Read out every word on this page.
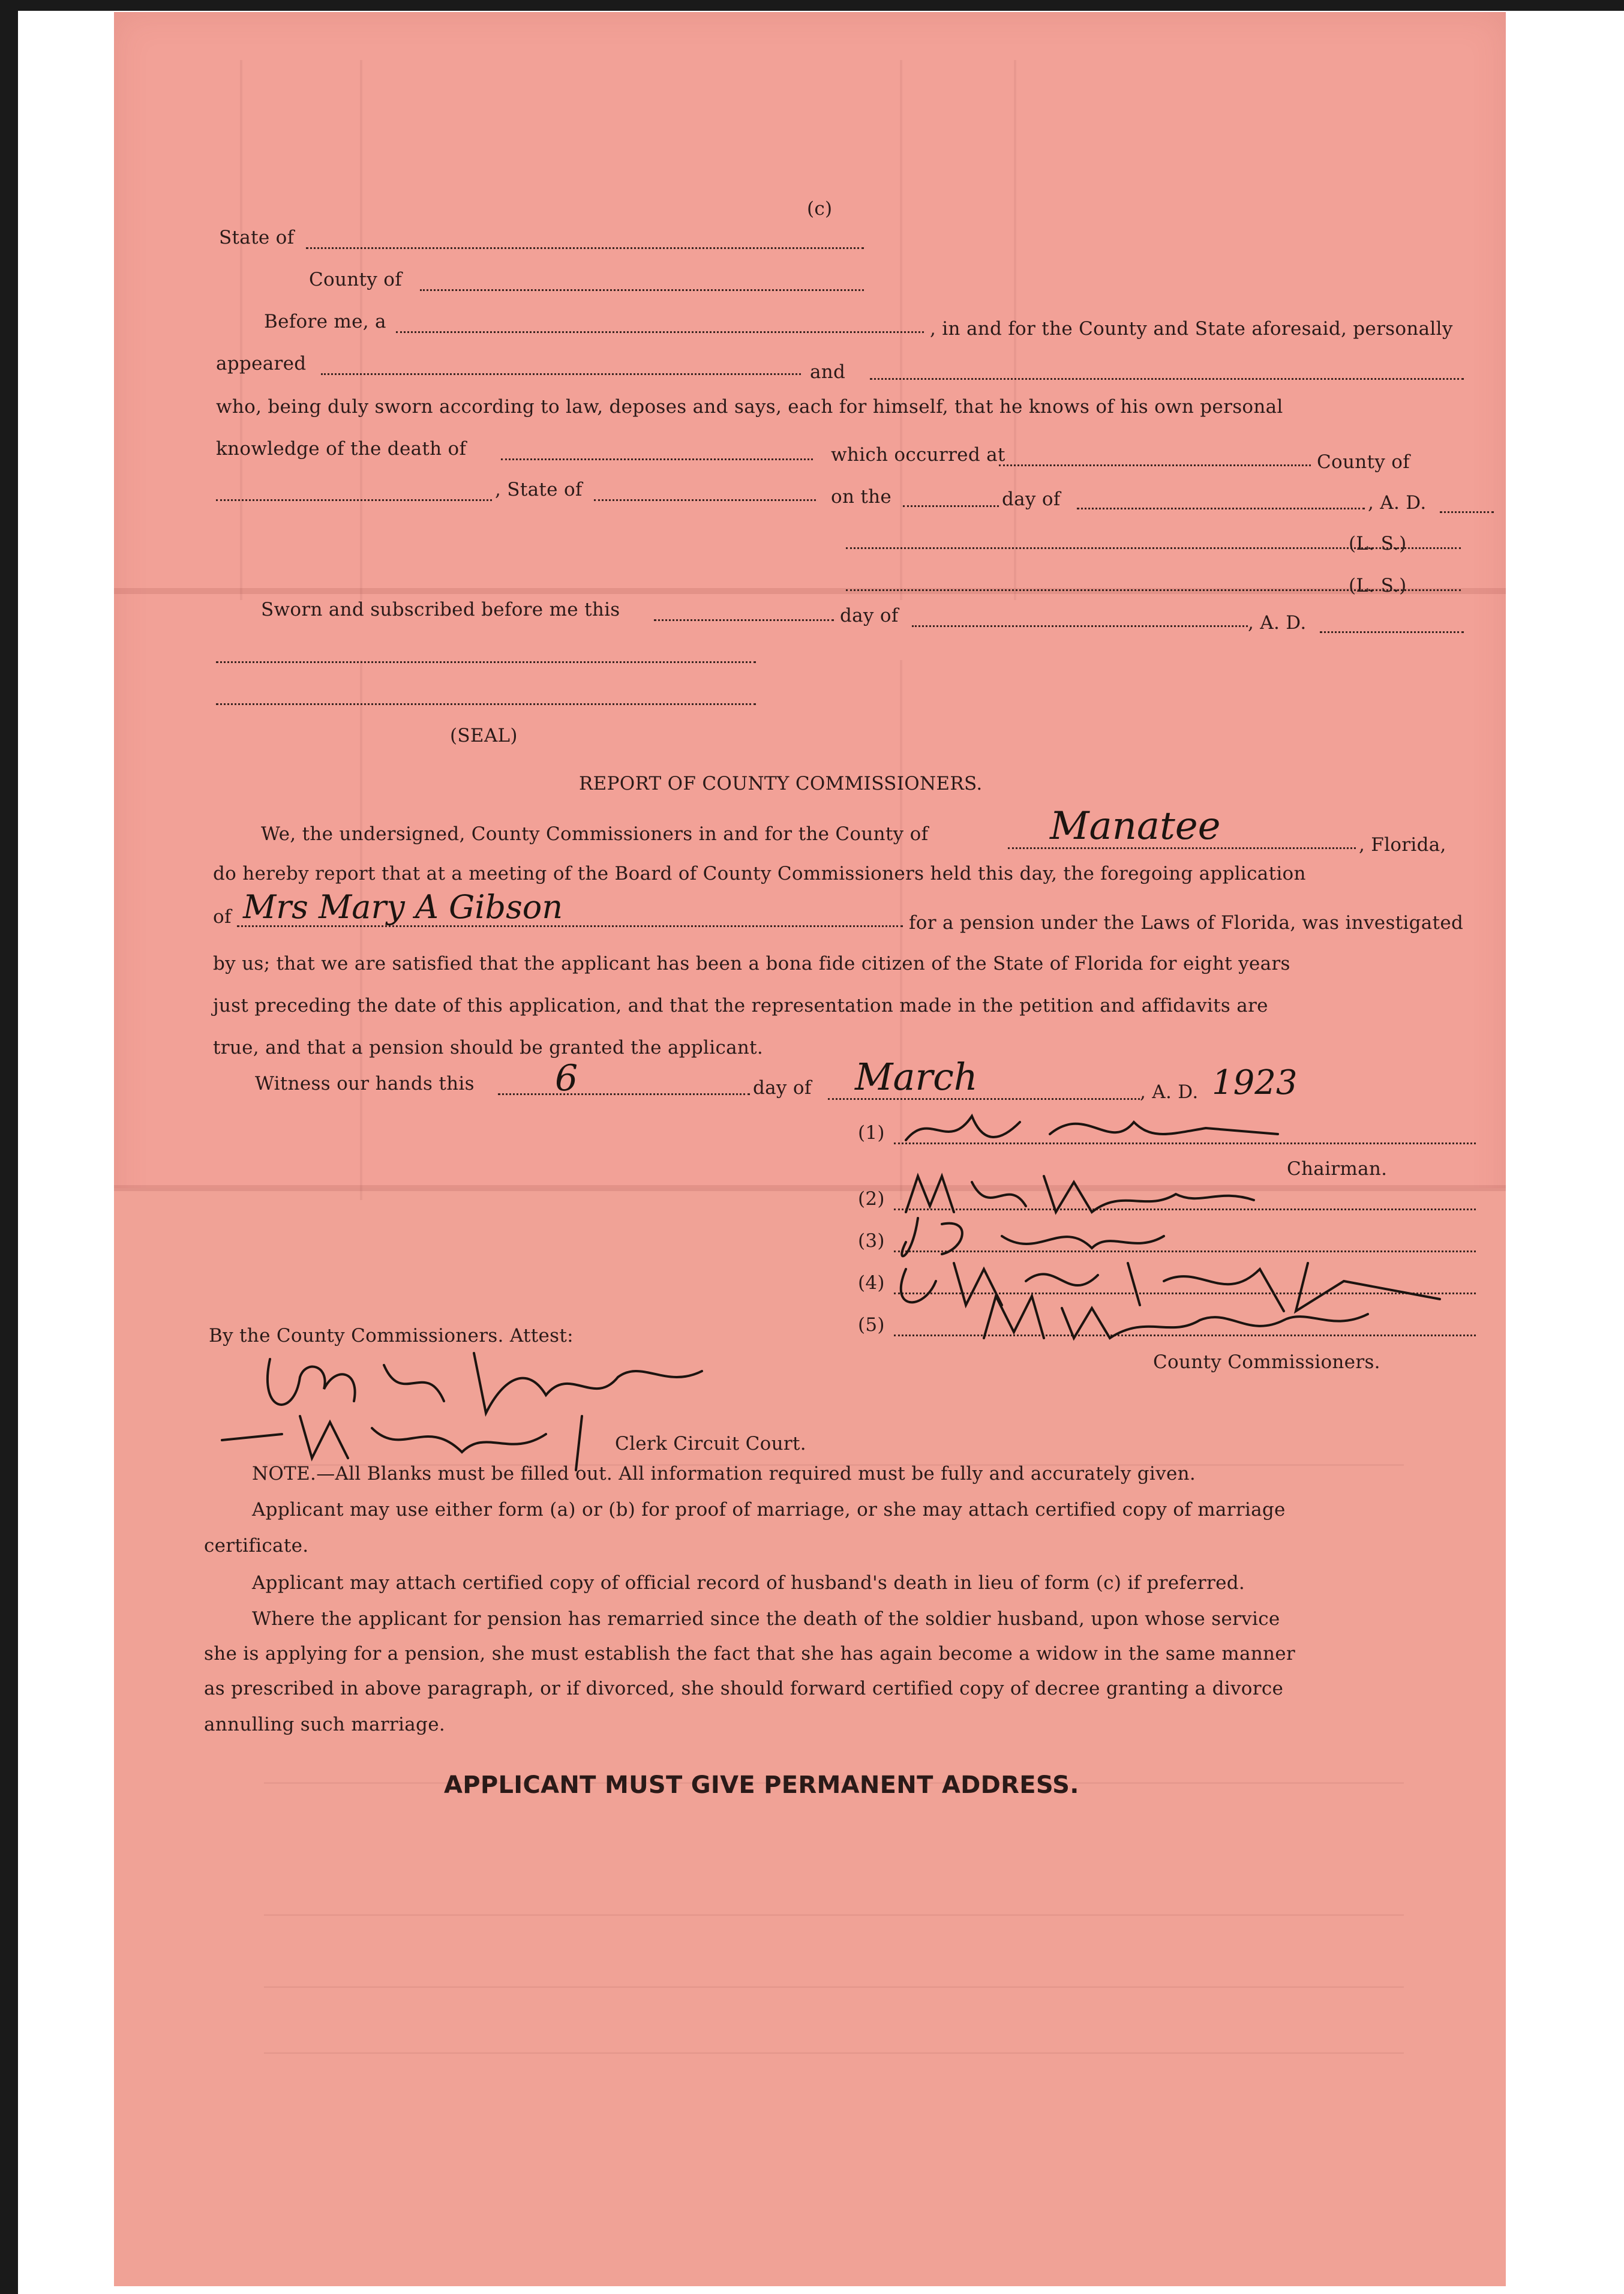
(c)
State of
County of
Before me, a	, in and for the County and State aforesaid, personally
appeared	and
who, being duly sworn according to law, deposes and says, each for himself, that he knows of his own personal
knowledge of the death of	which occurred at	County of
, State of	on the	day of	, A. D.
(L. S.)
(L. S.)
Sworn and subscribed before me this	day of	, A. D.
(SEAL)
REPORT OF COUNTY COMMISSIONERS.
We, the undersigned, County Commissioners in and for the County of	Manatee	, Florida,
do hereby report that at a meeting of the Board of County Commissioners held this day, the foregoing application
of Mrs Mary A Gibson	for a pension under the Laws of Florida, was investigated
by us; that we are satisfied that the applicant has been a bona fide citizen of the State of Florida for eight years
just preceding the date of this application, and that the representation made in the petition and affidavits are
true, and that a pension should be granted the applicant.
Witness our hands this 6	day of March	, A. D. 1923
(1)
Chairman.
(2)
(3)
(4)
(5)
County Commissioners.
By the County Commissioners. Attest:
Clerk Circuit Court.
NOTE.—All Blanks must be filled out. All information required must be fully and accurately given.
Applicant may use either form (a) or (b) for proof of marriage, or she may attach certified copy of marriage
certificate.
Applicant may attach certified copy of official record of husband's death in lieu of form (c) if preferred.
Where the applicant for pension has remarried since the death of the soldier husband, upon whose service
she is applying for a pension, she must establish the fact that she has again become a widow in the same manner
as prescribed in above paragraph, or if divorced, she should forward certified copy of decree granting a divorce
annulling such marriage.
APPLICANT MUST GIVE PERMANENT ADDRESS.
